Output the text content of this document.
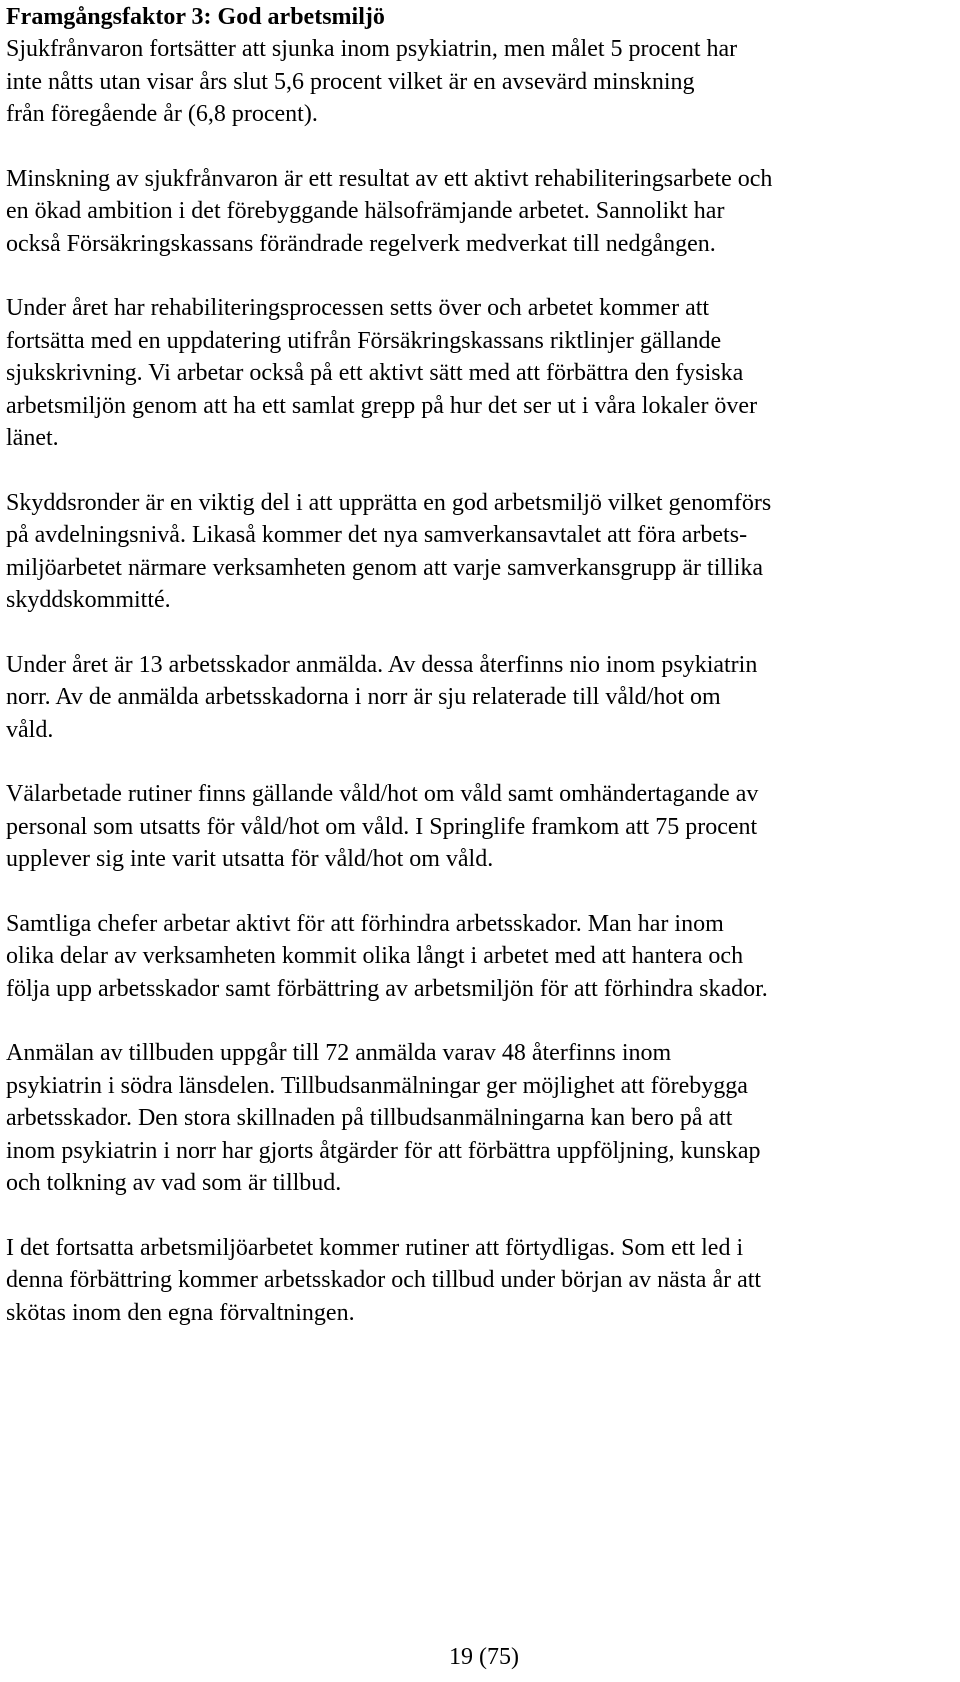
Framgångsfaktor 3: God arbetsmiljö

Sjukfrånvaron fortsätter att sjunka inom psykiatrin, men målet 5 procent har
inte nåtts utan visar års slut 5,6 procent vilket är en avsevärd minskning
från föregående år (6,8 procent).

Minskning av sjukfrånvaron är ett resultat av ett aktivt rehabiliteringsarbete och
en ökad ambition i det förebyggande hälsofrämjande arbetet. Sannolikt har
också Försäkringskassans förändrade regelverk medverkat till nedgången.

Under året har rehabiliteringsprocessen setts över och arbetet kommer att
fortsätta med en uppdatering utifrån Försäkringskassans riktlinjer gällande
sjukskrivning. Vi arbetar också på ett aktivt sätt med att förbättra den fysiska
arbetsmiljön genom att ha ett samlat grepp på hur det ser ut i våra lokaler över
länet.

Skyddsronder är en viktig del i att upprätta en god arbetsmiljö vilket genomförs
på avdelningsnivå. Likaså kommer det nya samverkansavtalet att föra arbets-
miljöarbetet närmare verksamheten genom att varje samverkansgrupp är tillika
skyddskommitté.

Under året är 13 arbetsskador anmälda. Av dessa återfinns nio inom psykiatrin
norr. Av de anmälda arbetsskadorna i norr är sju relaterade till våld/hot om
våld.

Välarbetade rutiner finns gällande våld/hot om våld samt omhändertagande av
personal som utsatts för våld/hot om våld. I Springlife framkom att 75 procent
upplever sig inte varit utsatta för våld/hot om våld.

Samtliga chefer arbetar aktivt för att förhindra arbetsskador. Man har inom
olika delar av verksamheten kommit olika långt i arbetet med att hantera och
följa upp arbetsskador samt förbättring av arbetsmiljön för att förhindra skador.

Anmälan av tillbuden uppgår till 72 anmälda varav 48 återfinns inom
psykiatrin i södra länsdelen. Tillbudsanmälningar ger möjlighet att förebygga
arbetsskador. Den stora skillnaden på tillbudsanmälningarna kan bero på att
inom psykiatrin i norr har gjorts åtgärder för att förbättra uppföljning, kunskap
och tolkning av vad som är tillbud.

I det fortsatta arbetsmiljöarbetet kommer rutiner att förtydligas. Som ett led i
denna förbättring kommer arbetsskador och tillbud under början av nästa år att
skötas inom den egna förvaltningen.

19 (75)
